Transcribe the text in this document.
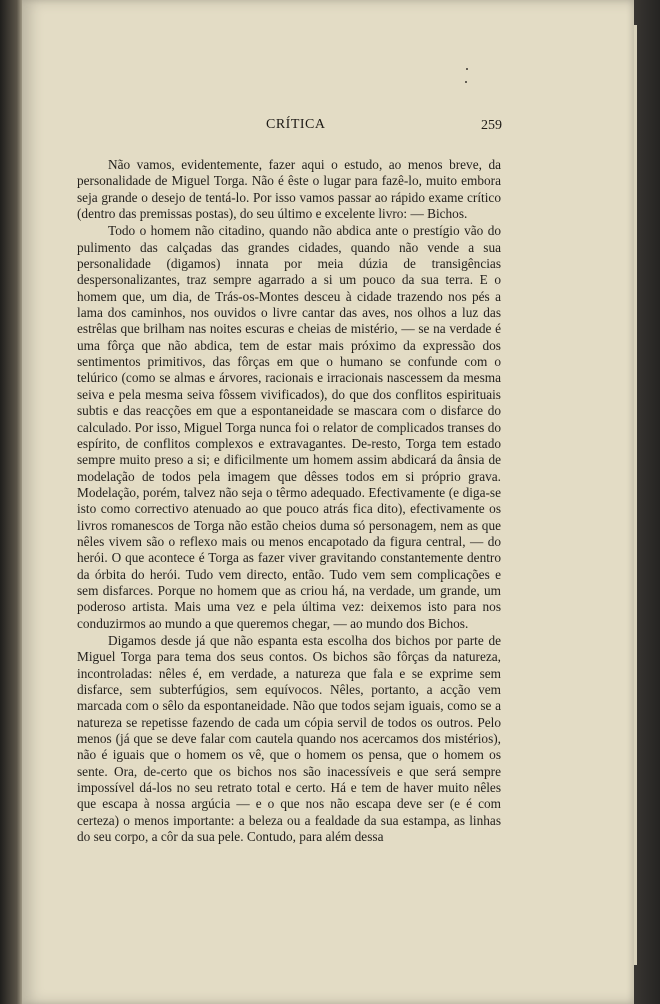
CRÍTICA	259

Não vamos, evidentemente, fazer aqui o estudo, ao menos breve, da personalidade de Miguel Torga. Não é êste o lugar para fazê-lo, muito embora seja grande o desejo de tentá-lo. Por isso vamos passar ao rápido exame crítico (dentro das premissas postas), do seu último e excelente livro: — Bichos.

Todo o homem não citadino, quando não abdica ante o prestígio vão do pulimento das calçadas das grandes cidades, quando não vende a sua personalidade (digamos) innata por meia dúzia de transigências despersonalizantes, traz sempre agarrado a si um pouco da sua terra. E o homem que, um dia, de Trás-os-Montes desceu à cidade trazendo nos pés a lama dos caminhos, nos ouvidos o livre cantar das aves, nos olhos a luz das estrêlas que brilham nas noites escuras e cheias de mistério, — se na verdade é uma fôrça que não abdica, tem de estar mais próximo da expressão dos sentimentos primitivos, das fôrças em que o humano se confunde com o telúrico (como se almas e árvores, racionais e irracionais nascessem da mesma seiva e pela mesma seiva fôssem vivificados), do que dos conflitos espirituais subtis e das reacções em que a espontaneidade se mascara com o disfarce do calculado. Por isso, Miguel Torga nunca foi o relator de complicados transes do espírito, de conflitos complexos e extravagantes. De-resto, Torga tem estado sempre muito preso a si; e dificilmente um homem assim abdicará da ânsia de modelação de todos pela imagem que dêsses todos em si próprio grava. Modelação, porém, talvez não seja o têrmo adequado. Efectivamente (e diga-se isto como correctivo atenuado ao que pouco atrás fica dito), efectivamente os livros romanescos de Torga não estão cheios duma só personagem, nem as que nêles vivem são o reflexo mais ou menos encapotado da figura central, — do herói. O que acontece é Torga as fazer viver gravitando constantemente dentro da órbita do herói. Tudo vem directo, então. Tudo vem sem complicações e sem disfarces. Porque no homem que as criou há, na verdade, um grande, um poderoso artista. Mais uma vez e pela última vez: deixemos isto para nos conduzirmos ao mundo a que queremos chegar, — ao mundo dos Bichos.

Digamos desde já que não espanta esta escolha dos bichos por parte de Miguel Torga para tema dos seus contos. Os bichos são fôrças da natureza, incontroladas: nêles é, em verdade, a natureza que fala e se exprime sem disfarce, sem subterfúgios, sem equívocos. Nêles, portanto, a acção vem marcada com o sêlo da espontaneidade. Não que todos sejam iguais, como se a natureza se repetisse fazendo de cada um cópia servil de todos os outros. Pelo menos (já que se deve falar com cautela quando nos acercamos dos mistérios), não é iguais que o homem os vê, que o homem os pensa, que o homem os sente. Ora, de-certo que os bichos nos são inacessíveis e que será sempre impossível dá-los no seu retrato total e certo. Há e tem de haver muito nêles que escapa à nossa argúcia — e o que nos não escapa deve ser (e é com certeza) o menos importante: a beleza ou a fealdade da sua estampa, as linhas do seu corpo, a côr da sua pele. Contudo, para além dessa
